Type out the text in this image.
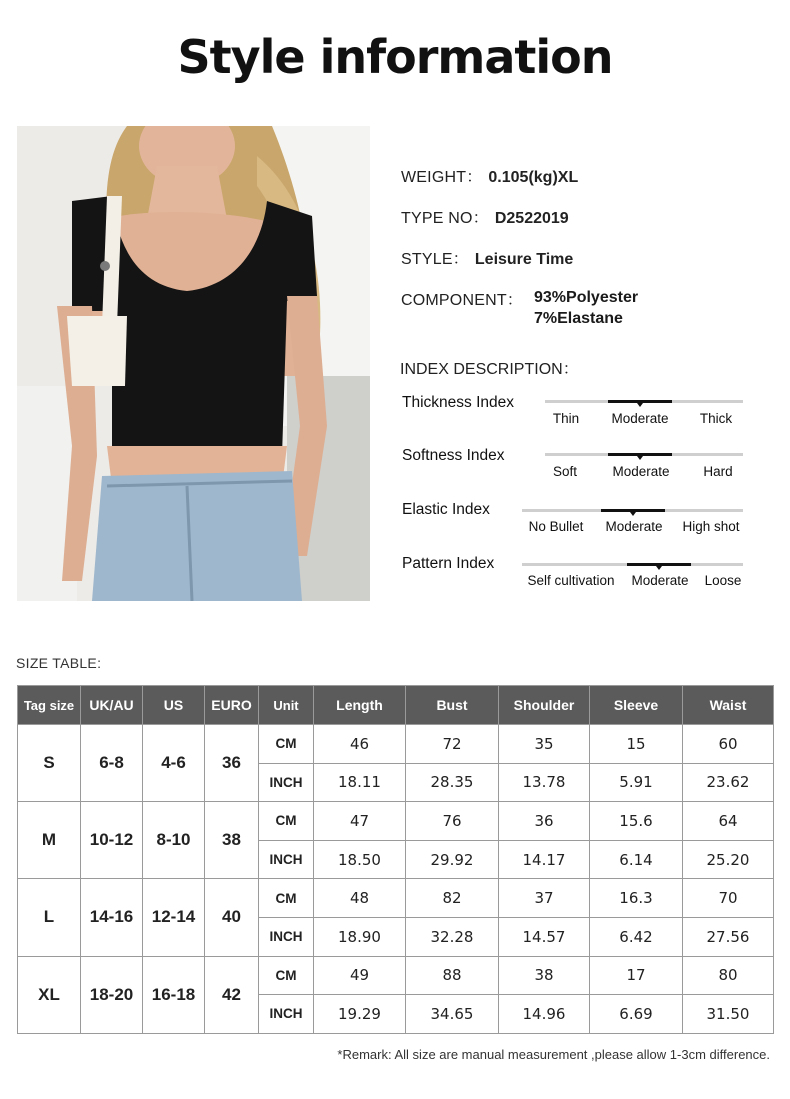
Style information
WEIGHT： 0.105(kg)XL
TYPE NO： D2522019
STYLE： Leisure Time
COMPONENT： 93%Polyester
7%Elastane
INDEX DESCRIPTION：
Thickness Index
Thin Moderate Thick
Softness Index
Soft	Moderate	Hard
Elastic Index
No Bullet Moderate High shot
Pattern Index
Self cultivation Moderate Loose
SIZE TABLE:
Tag size	UK/AU	US	EURO	Unit	Length	Bust	Shoulder	Sleeve	Waist
S	6-8	4-6	36	CM	46	72	35	15	60
				INCH	18.11	28.35	13.78	5.91	23.62
M	10-12	8-10	38	CM	47	76	36	15.6	64
				INCH	18.50	29.92	14.17	6.14	25.20
L	14-16	12-14	40	CM	48	82	37	16.3	70
				INCH	18.90	32.28	14.57	6.42	27.56
XL	18-20	16-18	42	CM	49	88	38	17	80
				INCH	19.29	34.65	14.96	6.69	31.50
*Remark: All size are manual measurement ,please allow 1-3cm difference.
